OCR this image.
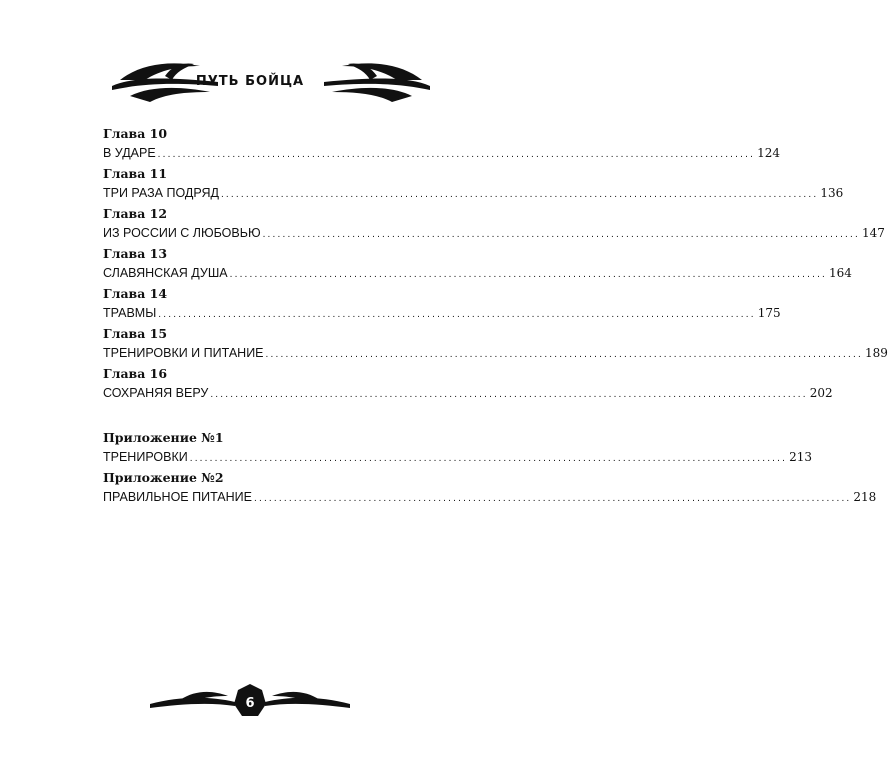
ПУТЬ БОЙЦА
Глава 10
В УДАРЕ ........................................................................................................................ 124
Глава 11
ТРИ РАЗА ПОДРЯД ........................................................................................................................ 136
Глава 12
ИЗ РОССИИ С ЛЮБОВЬЮ ........................................................................................................................ 147
Глава 13
СЛАВЯНСКАЯ ДУША ........................................................................................................................ 164
Глава 14
ТРАВМЫ ........................................................................................................................ 175
Глава 15
ТРЕНИРОВКИ И ПИТАНИЕ ........................................................................................................................ 189
Глава 16
СОХРАНЯЯ ВЕРУ ........................................................................................................................ 202
Приложение №1
ТРЕНИРОВКИ ........................................................................................................................ 213
Приложение №2
ПРАВИЛЬНОЕ ПИТАНИЕ ........................................................................................................................ 218
6
